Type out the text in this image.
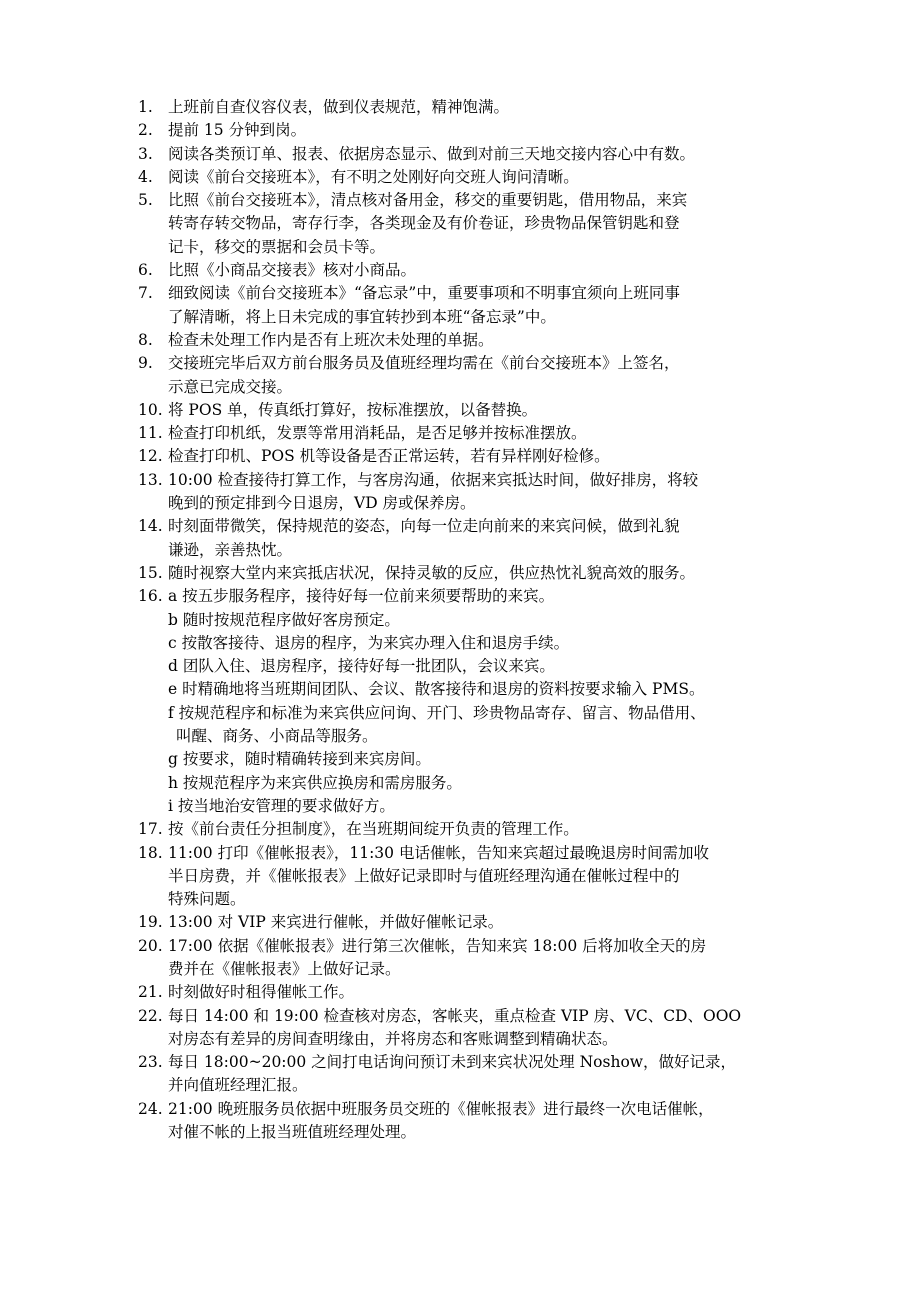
1. 上班前自查仪容仪表，做到仪表规范，精神饱满。
2. 提前 15 分钟到岗。
3. 阅读各类预订单、报表、依据房态显示、做到对前三天地交接内容心中有数。
4. 阅读《前台交接班本》，有不明之处刚好向交班人询问清晰。
5. 比照《前台交接班本》，清点核对备用金，移交的重要钥匙，借用物品，来宾
转寄存转交物品，寄存行李，各类现金及有价卷证，珍贵物品保管钥匙和登
记卡，移交的票据和会员卡等。
6. 比照《小商品交接表》核对小商品。
7. 细致阅读《前台交接班本》“备忘录”中，重要事项和不明事宜须向上班同事
了解清晰，将上日未完成的事宜转抄到本班“备忘录”中。
8. 检查未处理工作内是否有上班次未处理的单据。
9. 交接班完毕后双方前台服务员及值班经理均需在《前台交接班本》上签名，
示意已完成交接。
10. 将 POS 单，传真纸打算好，按标准摆放，以备替换。
11. 检查打印机纸，发票等常用消耗品，是否足够并按标准摆放。
12. 检查打印机、POS 机等设备是否正常运转，若有异样刚好检修。
13. 10:00 检查接待打算工作，与客房沟通，依据来宾抵达时间，做好排房，将较
晚到的预定排到今日退房，VD 房或保养房。
14. 时刻面带微笑，保持规范的姿态，向每一位走向前来的来宾问候，做到礼貌
谦逊，亲善热忱。
15. 随时视察大堂内来宾抵店状况，保持灵敏的反应，供应热忱礼貌高效的服务。
16. a 按五步服务程序，接待好每一位前来须要帮助的来宾。
b 随时按规范程序做好客房预定。
c 按散客接待、退房的程序，为来宾办理入住和退房手续。
d 团队入住、退房程序，接待好每一批团队，会议来宾。
e 时精确地将当班期间团队、会议、散客接待和退房的资料按要求输入 PMS。
f 按规范程序和标准为来宾供应问询、开门、珍贵物品寄存、留言、物品借用、
叫醒、商务、小商品等服务。
g 按要求，随时精确转接到来宾房间。
h 按规范程序为来宾供应换房和需房服务。
i 按当地治安管理的要求做好方。
17. 按《前台责任分担制度》，在当班期间绽开负责的管理工作。
18. 11:00 打印《催帐报表》，11:30 电话催帐，告知来宾超过最晚退房时间需加收
半日房费，并《催帐报表》上做好记录即时与值班经理沟通在催帐过程中的
特殊问题。
19. 13:00 对 VIP 来宾进行催帐，并做好催帐记录。
20. 17:00 依据《催帐报表》进行第三次催帐，告知来宾 18:00 后将加收全天的房
费并在《催帐报表》上做好记录。
21. 时刻做好时租得催帐工作。
22. 每日 14:00 和 19:00 检查核对房态，客帐夹，重点检查 VIP 房、VC、CD、OOO
对房态有差异的房间查明缘由，并将房态和客账调整到精确状态。
23. 每日 18:00~20:00 之间打电话询问预订未到来宾状况处理 Noshow，做好记录，
并向值班经理汇报。
24. 21:00 晚班服务员依据中班服务员交班的《催帐报表》进行最终一次电话催帐，
对催不帐的上报当班值班经理处理。
